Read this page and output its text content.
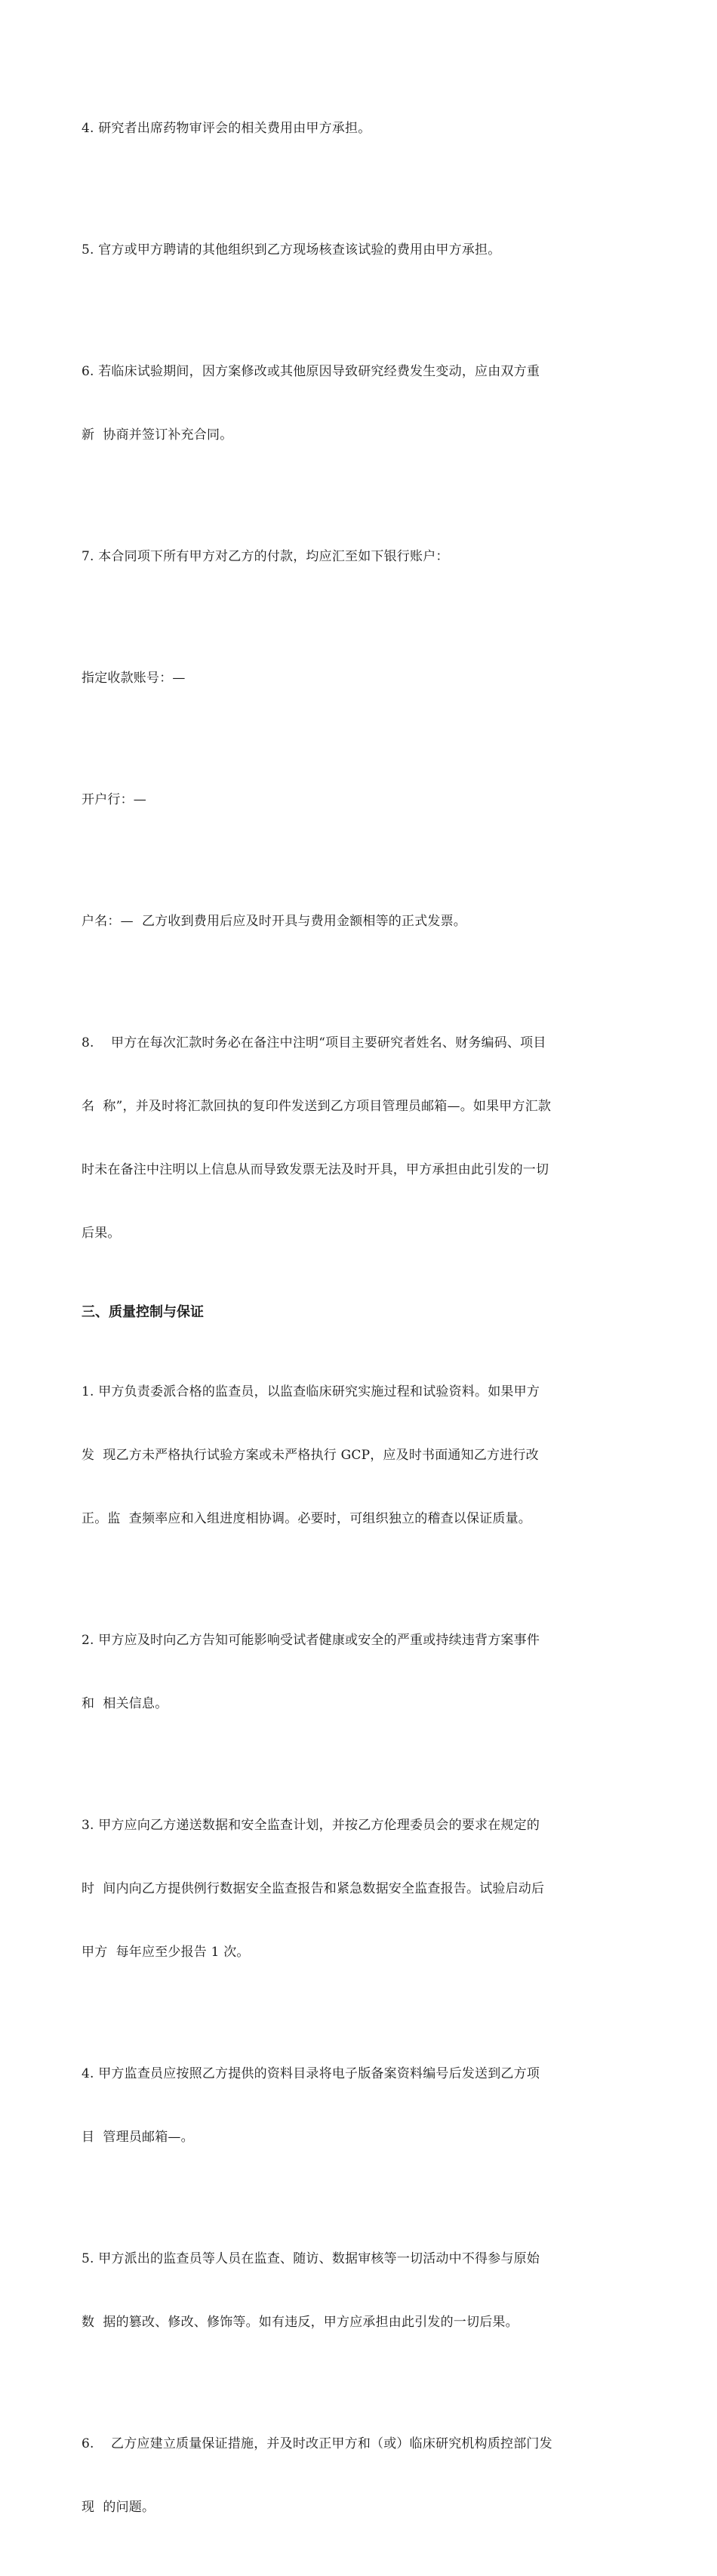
4. 研究者出席药物审评会的相关费用由甲方承担。

5. 官方或甲方聘请的其他组织到乙方现场核查该试验的费用由甲方承担。

6. 若临床试验期间，因方案修改或其他原因导致研究经费发生变动，应由双方重

新  协商并签订补充合同。

7. 本合同项下所有甲方对乙方的付款，均应汇至如下银行账户：

指定收款账号：—

开户行：—

户名：—  乙方收到费用后应及时开具与费用金额相等的正式发票。

8.    甲方在每次汇款时务必在备注中注明“项目主要研究者姓名、财务编码、项目

名  称”，并及时将汇款回执的复印件发送到乙方项目管理员邮箱—。如果甲方汇款

时未在备注中注明以上信息从而导致发票无法及时开具，甲方承担由此引发的一切

后果。

三、质量控制与保证

1. 甲方负责委派合格的监查员，以监查临床研究实施过程和试验资料。如果甲方

发  现乙方未严格执行试验方案或未严格执行 GCP，应及时书面通知乙方进行改

正。监  查频率应和入组进度相协调。必要时，可组织独立的稽查以保证质量。

2. 甲方应及时向乙方告知可能影响受试者健康或安全的严重或持续违背方案事件

和  相关信息。

3. 甲方应向乙方递送数据和安全监查计划，并按乙方伦理委员会的要求在规定的

时  间内向乙方提供例行数据安全监查报告和紧急数据安全监查报告。试验启动后

甲方  每年应至少报告 1 次。

4. 甲方监查员应按照乙方提供的资料目录将电子版备案资料编号后发送到乙方项

目  管理员邮箱—。

5. 甲方派出的监查员等人员在监查、随访、数据审核等一切活动中不得参与原始

数  据的篡改、修改、修饰等。如有违反，甲方应承担由此引发的一切后果。

6.    乙方应建立质量保证措施，并及时改正甲方和（或）临床研究机构质控部门发

现  的问题。
